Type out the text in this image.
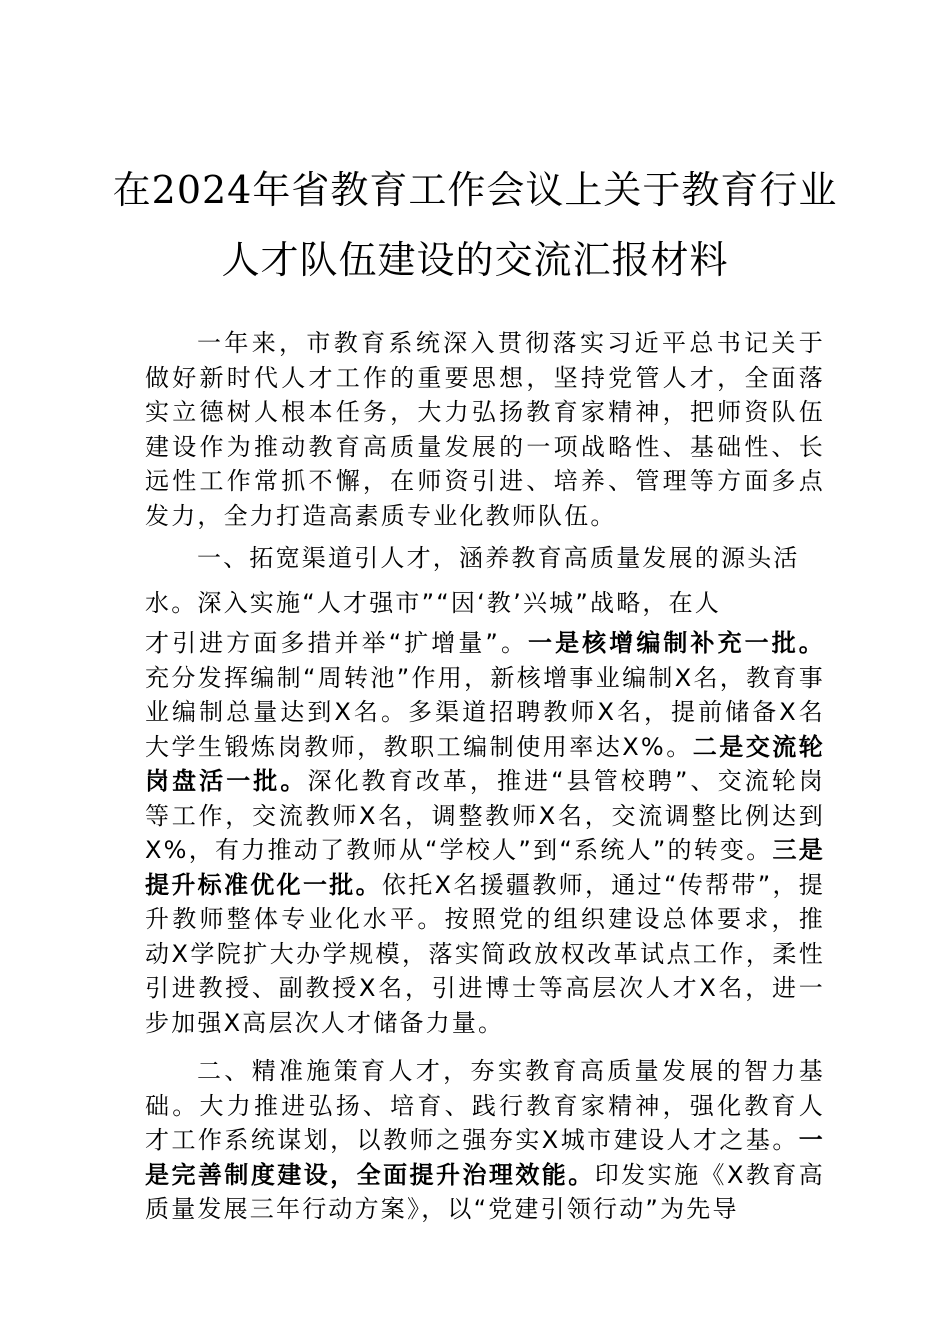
在2024年省教育工作会议上关于教育行业
人才队伍建设的交流汇报材料

一年来，市教育系统深入贯彻落实习近平总书记关于做好新时代人才工作的重要思想，坚持党管人才，全面落实立德树人根本任务，大力弘扬教育家精神，把师资队伍建设作为推动教育高质量发展的一项战略性、基础性、长远性工作常抓不懈，在师资引进、培养、管理等方面多点发力，全力打造高素质专业化教师队伍。

一、拓宽渠道引人才，涵养教育高质量发展的源头活
水。深入实施“人才强市”“因‘教’兴城”战略，在人
才引进方面多措并举“扩增量”。一是核增编制补充一批。充分发挥编制“周转池”作用，新核增事业编制X名，教育事业编制总量达到X名。多渠道招聘教师X名，提前储备X名大学生锻炼岗教师，教职工编制使用率达X%。二是交流轮岗盘活一批。深化教育改革，推进“县管校聘”、交流轮岗等工作，交流教师X名，调整教师X名，交流调整比例达到X%，有力推动了教师从“学校人”到“系统人”的转变。三是提升标准优化一批。依托X名援疆教师，通过“传帮带”，提升教师整体专业化水平。按照党的组织建设总体要求，推动X学院扩大办学规模，落实简政放权改革试点工作，柔性引进教授、副教授X名，引进博士等高层次人才X名，进一步加强X高层次人才储备力量。
二、精准施策育人才，夯实教育高质量发展的智力基础。大力推进弘扬、培育、践行教育家精神，强化教育人才工作系统谋划，以教师之强夯实X城市建设人才之基。一是完善制度建设，全面提升治理效能。印发实施《X教育高质量发展三年行动方案》，以“党建引领行动”为先导
